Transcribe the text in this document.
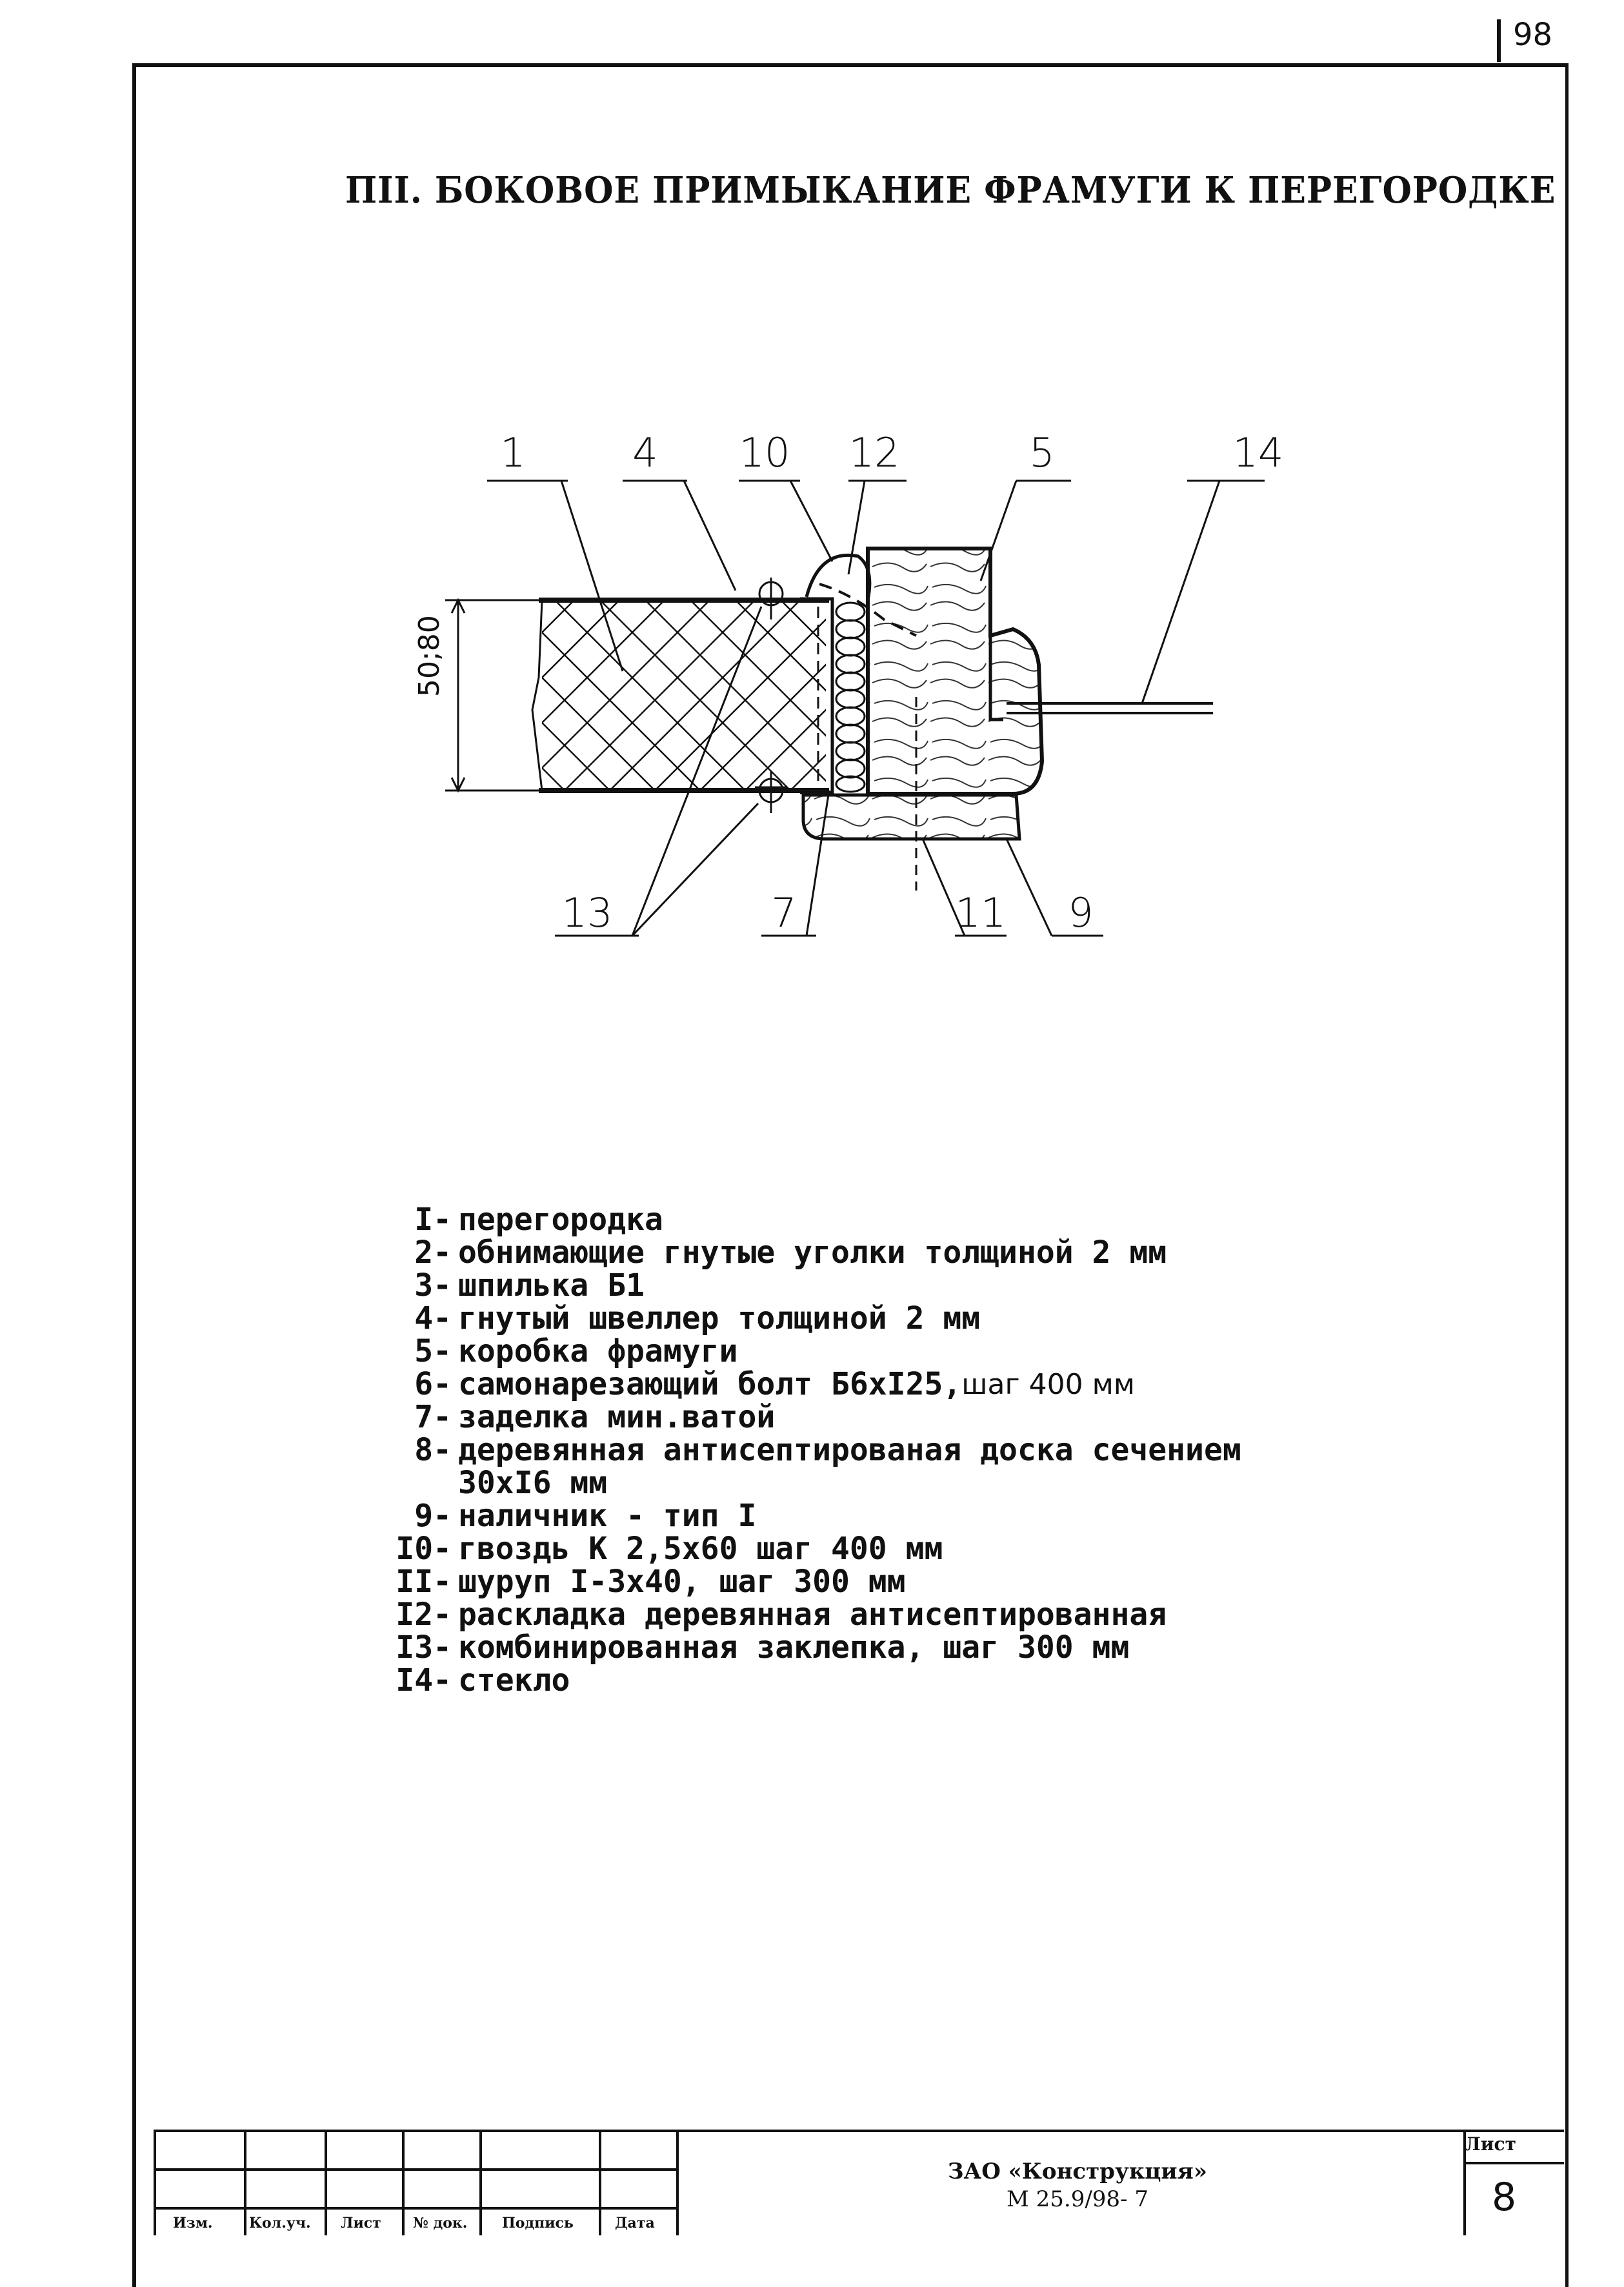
98
ПII. БОКОВОЕ ПРИМЫКАНИЕ ФРАМУГИ К ПЕРЕГОРОДКЕ
50;80
1	4	10	12	5	14
13	7	11	9
I- перегородка
2- обнимающие гнутые уголки толщиной 2 мм
3- шпилька Б1
4- гнутый швеллер толщиной 2 мм
5- коробка фрамуги
6- самонарезающий болт Б6хI25, шаг 400 мм
7- заделка мин.ватой
8- деревянная антисептированая доска сечением
30хI6 мм
9- наличник - тип I
I0- гвоздь К 2,5х60 шаг 400 мм
II- шуруп I-3х40, шаг 300 мм
I2- раскладка деревянная антисептированная
I3- комбинированная заклепка, шаг 300 мм
I4- стекло
Изм.	Кол.уч. Лист № док. Подпись	Дата
ЗАО «Конструкция»
М 25.9/98- 7
Лист
8
